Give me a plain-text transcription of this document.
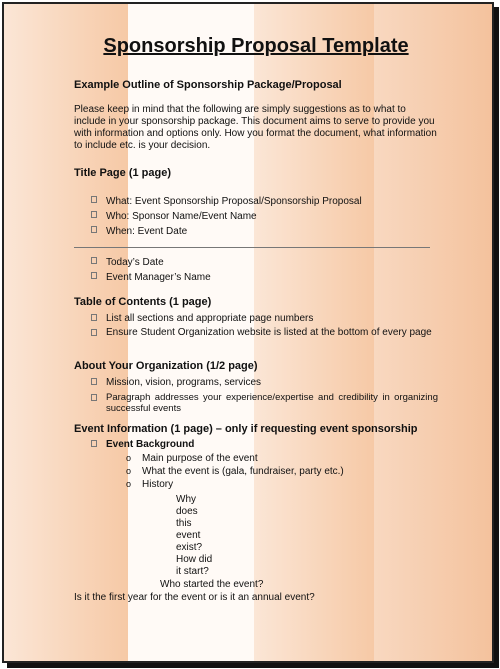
Sponsorship Proposal Template
Example Outline of Sponsorship Package/Proposal
Please keep in mind that the following are simply suggestions as to what to include in your sponsorship package. This document aims to serve to provide you with information and options only. How you format the document, what information to include etc. is your decision.
Title Page (1 page)
What: Event Sponsorship Proposal/Sponsorship Proposal
Who: Sponsor Name/Event Name
When: Event Date
Today’s Date
Event Manager’s Name
Table of Contents (1 page)
List all sections and appropriate page numbers
Ensure Student Organization website is listed at the bottom of every page
About Your Organization (1/2 page)
Mission, vision, programs, services
Paragraph addresses your experience/expertise and credibility in organizing successful events
Event Information (1 page) – only if requesting event sponsorship
Event Background
o Main purpose of the event
o What the event is (gala, fundraiser, party etc.)
o History
Why
does
this
event
exist?
How did
it start?
Who started the event?
Is it the first year for the event or is it an annual event?
